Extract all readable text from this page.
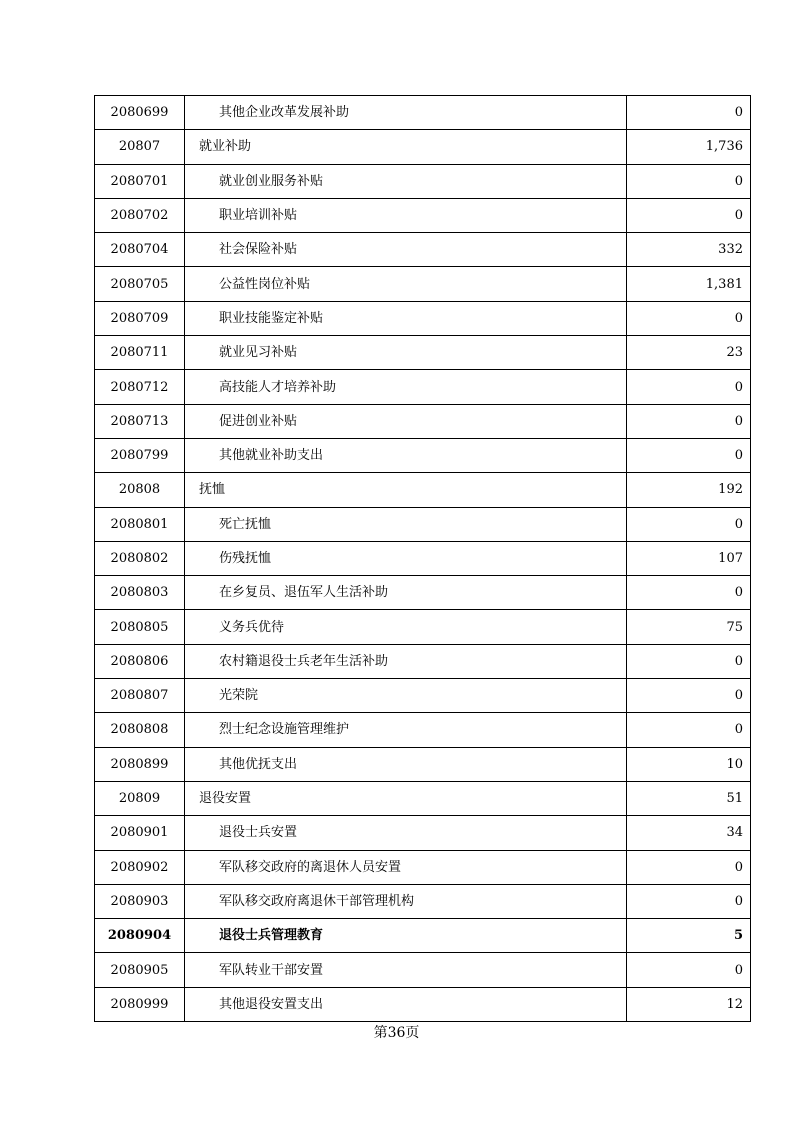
2080699	其他企业改革发展补助	0
20807	就业补助	1,736
2080701	就业创业服务补贴	0
2080702	职业培训补贴	0
2080704	社会保险补贴	332
2080705	公益性岗位补贴	1,381
2080709	职业技能鉴定补贴	0
2080711	就业见习补贴	23
2080712	高技能人才培养补助	0
2080713	促进创业补贴	0
2080799	其他就业补助支出	0
20808	抚恤	192
2080801	死亡抚恤	0
2080802	伤残抚恤	107
2080803	在乡复员、退伍军人生活补助	0
2080805	义务兵优待	75
2080806	农村籍退役士兵老年生活补助	0
2080807	光荣院	0
2080808	烈士纪念设施管理维护	0
2080899	其他优抚支出	10
20809	退役安置	51
2080901	退役士兵安置	34
2080902	军队移交政府的离退休人员安置	0
2080903	军队移交政府离退休干部管理机构	0
2080904	退役士兵管理教育	5
2080905	军队转业干部安置	0
2080999	其他退役安置支出	12
第36页
